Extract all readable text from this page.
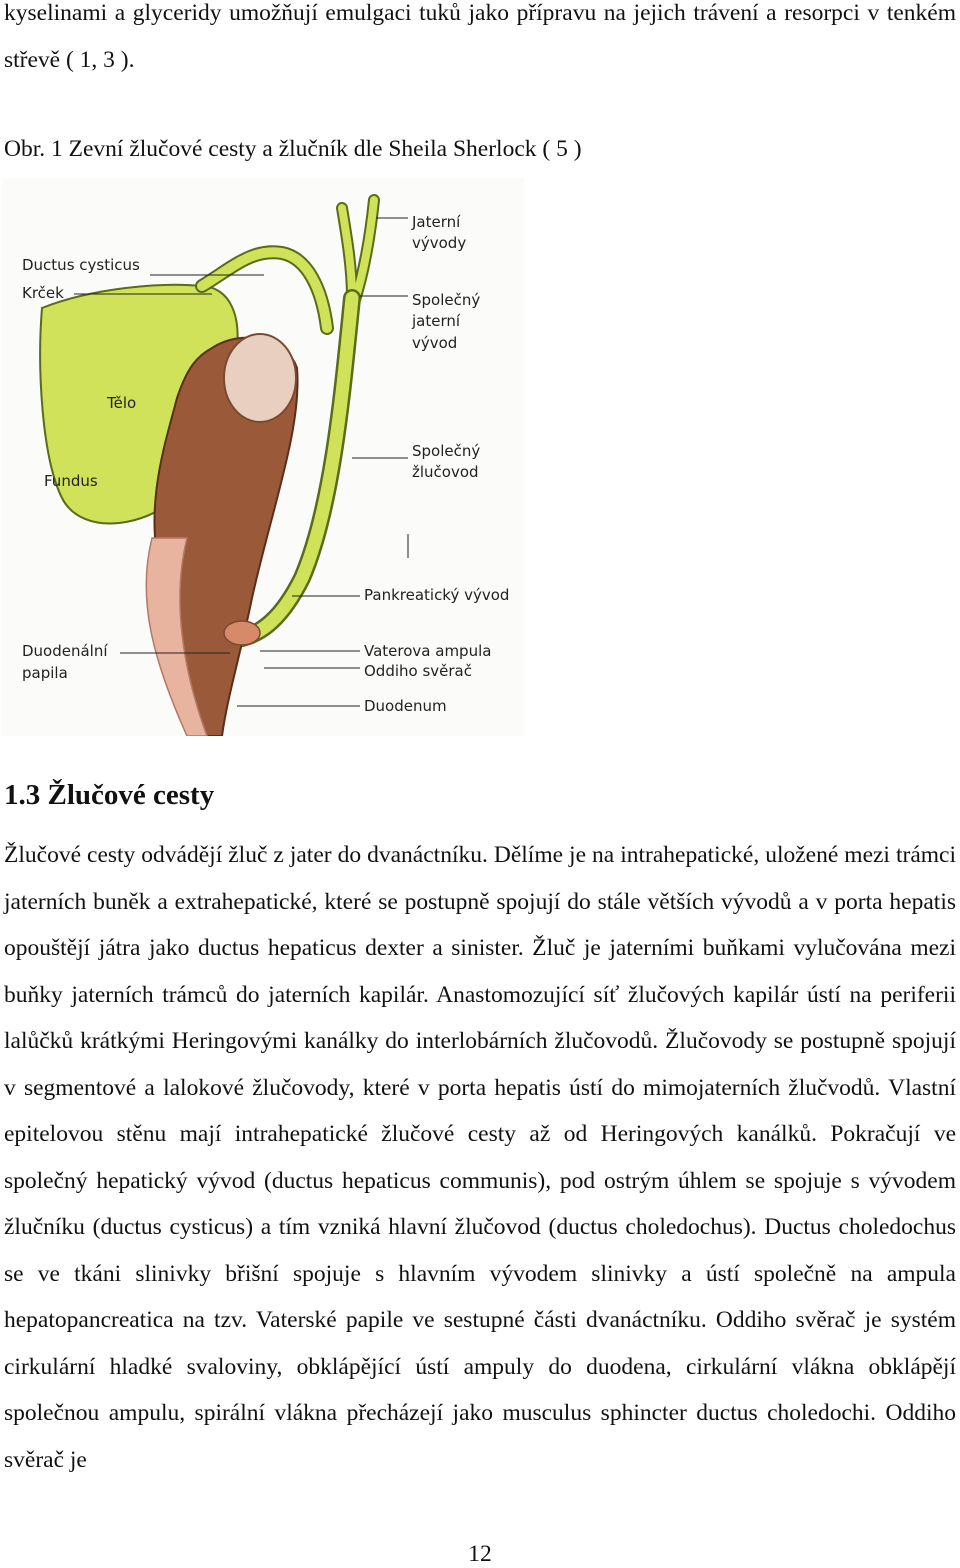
kyselinami a glyceridy umožňují emulgaci tuků jako přípravu na jejich trávení a resorpci v tenkém střevě ( 1, 3 ).

Obr. 1 Zevní žlučové cesty a žlučník dle Sheila Sherlock ( 5 )

Ductus cysticus
Krček
Tělo
Fundus
Jaterní
vývody
Společný
jaterní
vývod
Společný
žlučovod
Pankreatický vývod
Duodenální
papila
Vaterova ampula
Oddiho svěrač
Duodenum
1.3 Žlučové cesty

Žlučové cesty odvádějí žluč z jater do dvanáctníku. Dělíme je na intrahepatické, uložené mezi trámci jaterních buněk a extrahepatické, které se postupně spojují do stále větších vývodů a v porta hepatis opouštějí játra jako ductus hepaticus dexter a sinister. Žluč je jaterními buňkami vylučována mezi buňky jaterních trámců do jaterních kapilár. Anastomozující síť žlučových kapilár ústí na periferii lalůčků krátkými Heringovými kanálky do interlobárních žlučovodů. Žlučovody se postupně spojují v segmentové a lalokové žlučovody, které v porta hepatis ústí do mimojaterních žlučvodů. Vlastní epitelovou stěnu mají intrahepatické žlučové cesty až od Heringových kanálků. Pokračují ve společný hepatický vývod (ductus hepaticus communis), pod ostrým úhlem se spojuje s vývodem žlučníku (ductus cysticus) a tím vzniká hlavní žlučovod (ductus choledochus). Ductus choledochus se ve tkáni slinivky břišní spojuje s hlavním vývodem slinivky a ústí společně na ampula hepatopancreatica na tzv. Vaterské papile ve sestupné části dvanáctníku. Oddiho svěrač je systém cirkulární hladké svaloviny, obklápějící ústí ampuly do duodena, cirkulární vlákna obklápějí společnou ampulu, spirální vlákna přecházejí jako musculus sphincter ductus choledochi. Oddiho svěrač je

12
